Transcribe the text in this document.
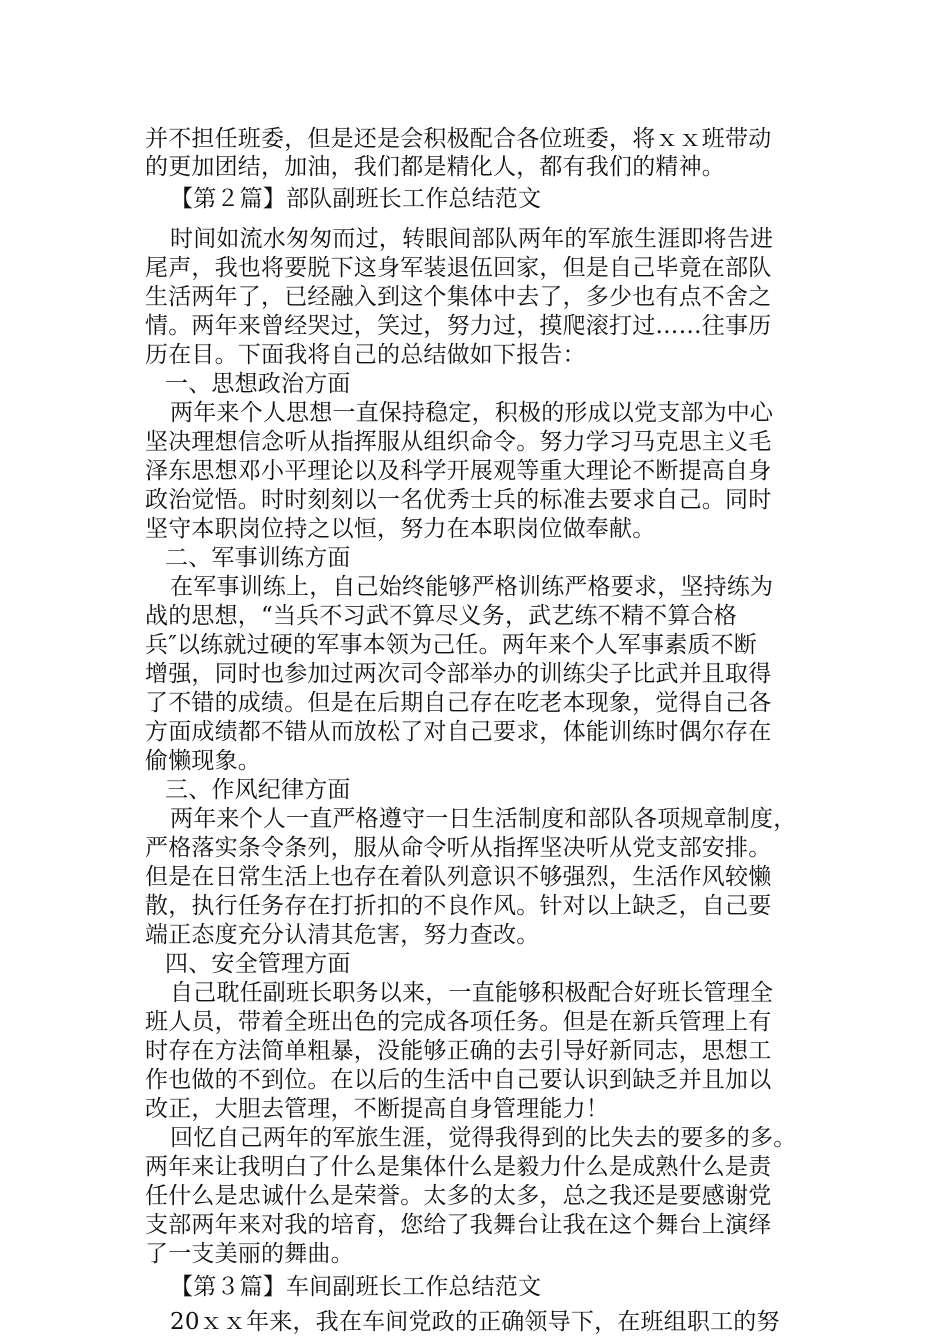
并不担任班委，但是还是会积极配合各位班委，将ｘｘ班带动
的更加团结，加油，我们都是精化人，都有我们的精神。
【第２篇】部队副班长工作总结范文
时间如流水匆匆而过，转眼间部队两年的军旅生涯即将告进
尾声，我也将要脱下这身军装退伍回家，但是自己毕竟在部队
生活两年了，已经融入到这个集体中去了，多少也有点不舍之
情。两年来曾经哭过，笑过，努力过，摸爬滚打过……往事历
历在目。下面我将自己的总结做如下报告：
一、思想政治方面
两年来个人思想一直保持稳定，积极的形成以党支部为中心
坚决理想信念听从指挥服从组织命令。努力学习马克思主义毛
泽东思想邓小平理论以及科学开展观等重大理论不断提高自身
政治觉悟。时时刻刻以一名优秀士兵的标准去要求自己。同时
坚守本职岗位持之以恒，努力在本职岗位做奉献。
二、军事训练方面
在军事训练上，自己始终能够严格训练严格要求，坚持练为
战的思想，“当兵不习武不算尽义务，武艺练不精不算合格
兵″以练就过硬的军事本领为己任。两年来个人军事素质不断
增强，同时也参加过两次司令部举办的训练尖子比武并且取得
了不错的成绩。但是在后期自己存在吃老本现象，觉得自己各
方面成绩都不错从而放松了对自己要求，体能训练时偶尔存在
偷懒现象。
三、作风纪律方面
两年来个人一直严格遵守一日生活制度和部队各项规章制度，
严格落实条令条列，服从命令听从指挥坚决听从党支部安排。
但是在日常生活上也存在着队列意识不够强烈，生活作风较懒
散，执行任务存在打折扣的不良作风。针对以上缺乏，自己要
端正态度充分认清其危害，努力查改。
四、安全管理方面
自己耽任副班长职务以来，一直能够积极配合好班长管理全
班人员，带着全班出色的完成各项任务。但是在新兵管理上有
时存在方法简单粗暴，没能够正确的去引导好新同志，思想工
作也做的不到位。在以后的生活中自己要认识到缺乏并且加以
改正，大胆去管理，不断提高自身管理能力！
回忆自己两年的军旅生涯，觉得我得到的比失去的要多的多。
两年来让我明白了什么是集体什么是毅力什么是成熟什么是责
任什么是忠诚什么是荣誉。太多的太多，总之我还是要感谢党
支部两年来对我的培育，您给了我舞台让我在这个舞台上演绎
了一支美丽的舞曲。
【第３篇】车间副班长工作总结范文
20ｘｘ年来，我在车间党政的正确领导下，在班组职工的努
